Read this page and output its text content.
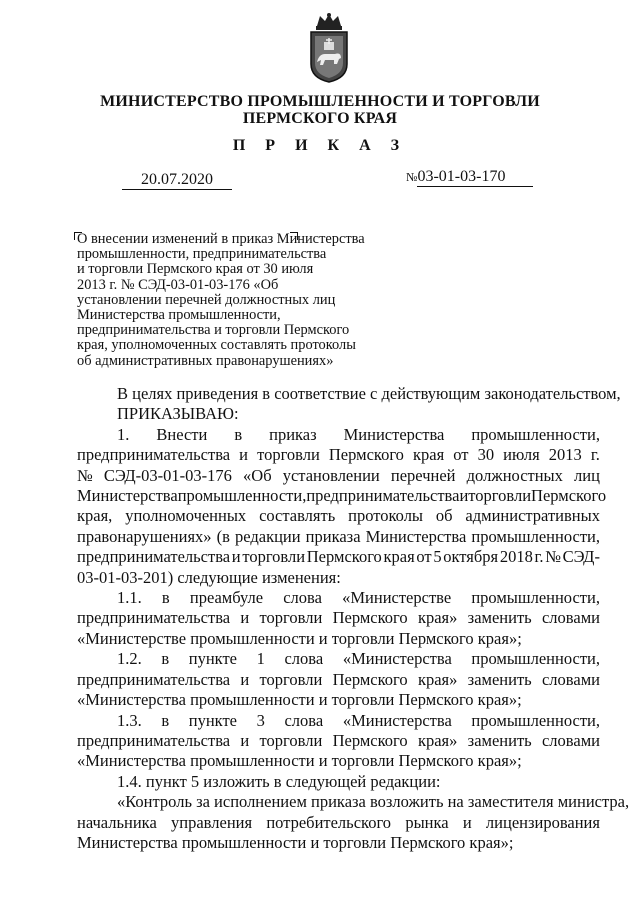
МИНИСТЕРСТВО ПРОМЫШЛЕННОСТИ И ТОРГОВЛИ
ПЕРМСКОГО КРАЯ
П Р И К А З
20.07.2020	№03-01-03-170
О внесении изменений в приказ Министерства
промышленности, предпринимательства
и торговли Пермского края от 30 июля
2013 г. № СЭД-03-01-03-176 «Об
установлении перечней должностных лиц
Министерства промышленности,
предпринимательства и торговли Пермского
края, уполномоченных составлять протоколы
об административных правонарушениях»
В целях приведения в соответствие с действующим законодательством,
ПРИКАЗЫВАЮ:
1. Внести в приказ Министерства промышленности,
предпринимательства и торговли Пермского края от 30 июля 2013 г.
№ СЭД-03-01-03-176 «Об установлении перечней должностных лиц
Министерства промышленности, предпринимательства и торговли Пермского
края, уполномоченных составлять протоколы об административных
правонарушениях» (в редакции приказа Министерства промышленности,
предпринимательства и торговли Пермского края от 5 октября 2018 г. № СЭД-
03-01-03-201) следующие изменения:
1.1. в преамбуле слова «Министерстве промышленности,
предпринимательства и торговли Пермского края» заменить словами
«Министерстве промышленности и торговли Пермского края»;
1.2. в пункте 1 слова «Министерства промышленности,
предпринимательства и торговли Пермского края» заменить словами
«Министерства промышленности и торговли Пермского края»;
1.3. в пункте 3 слова «Министерства промышленности,
предпринимательства и торговли Пермского края» заменить словами
«Министерства промышленности и торговли Пермского края»;
1.4. пункт 5 изложить в следующей редакции:
«Контроль за исполнением приказа возложить на заместителя министра,
начальника управления потребительского рынка и лицензирования
Министерства промышленности и торговли Пермского края»;
